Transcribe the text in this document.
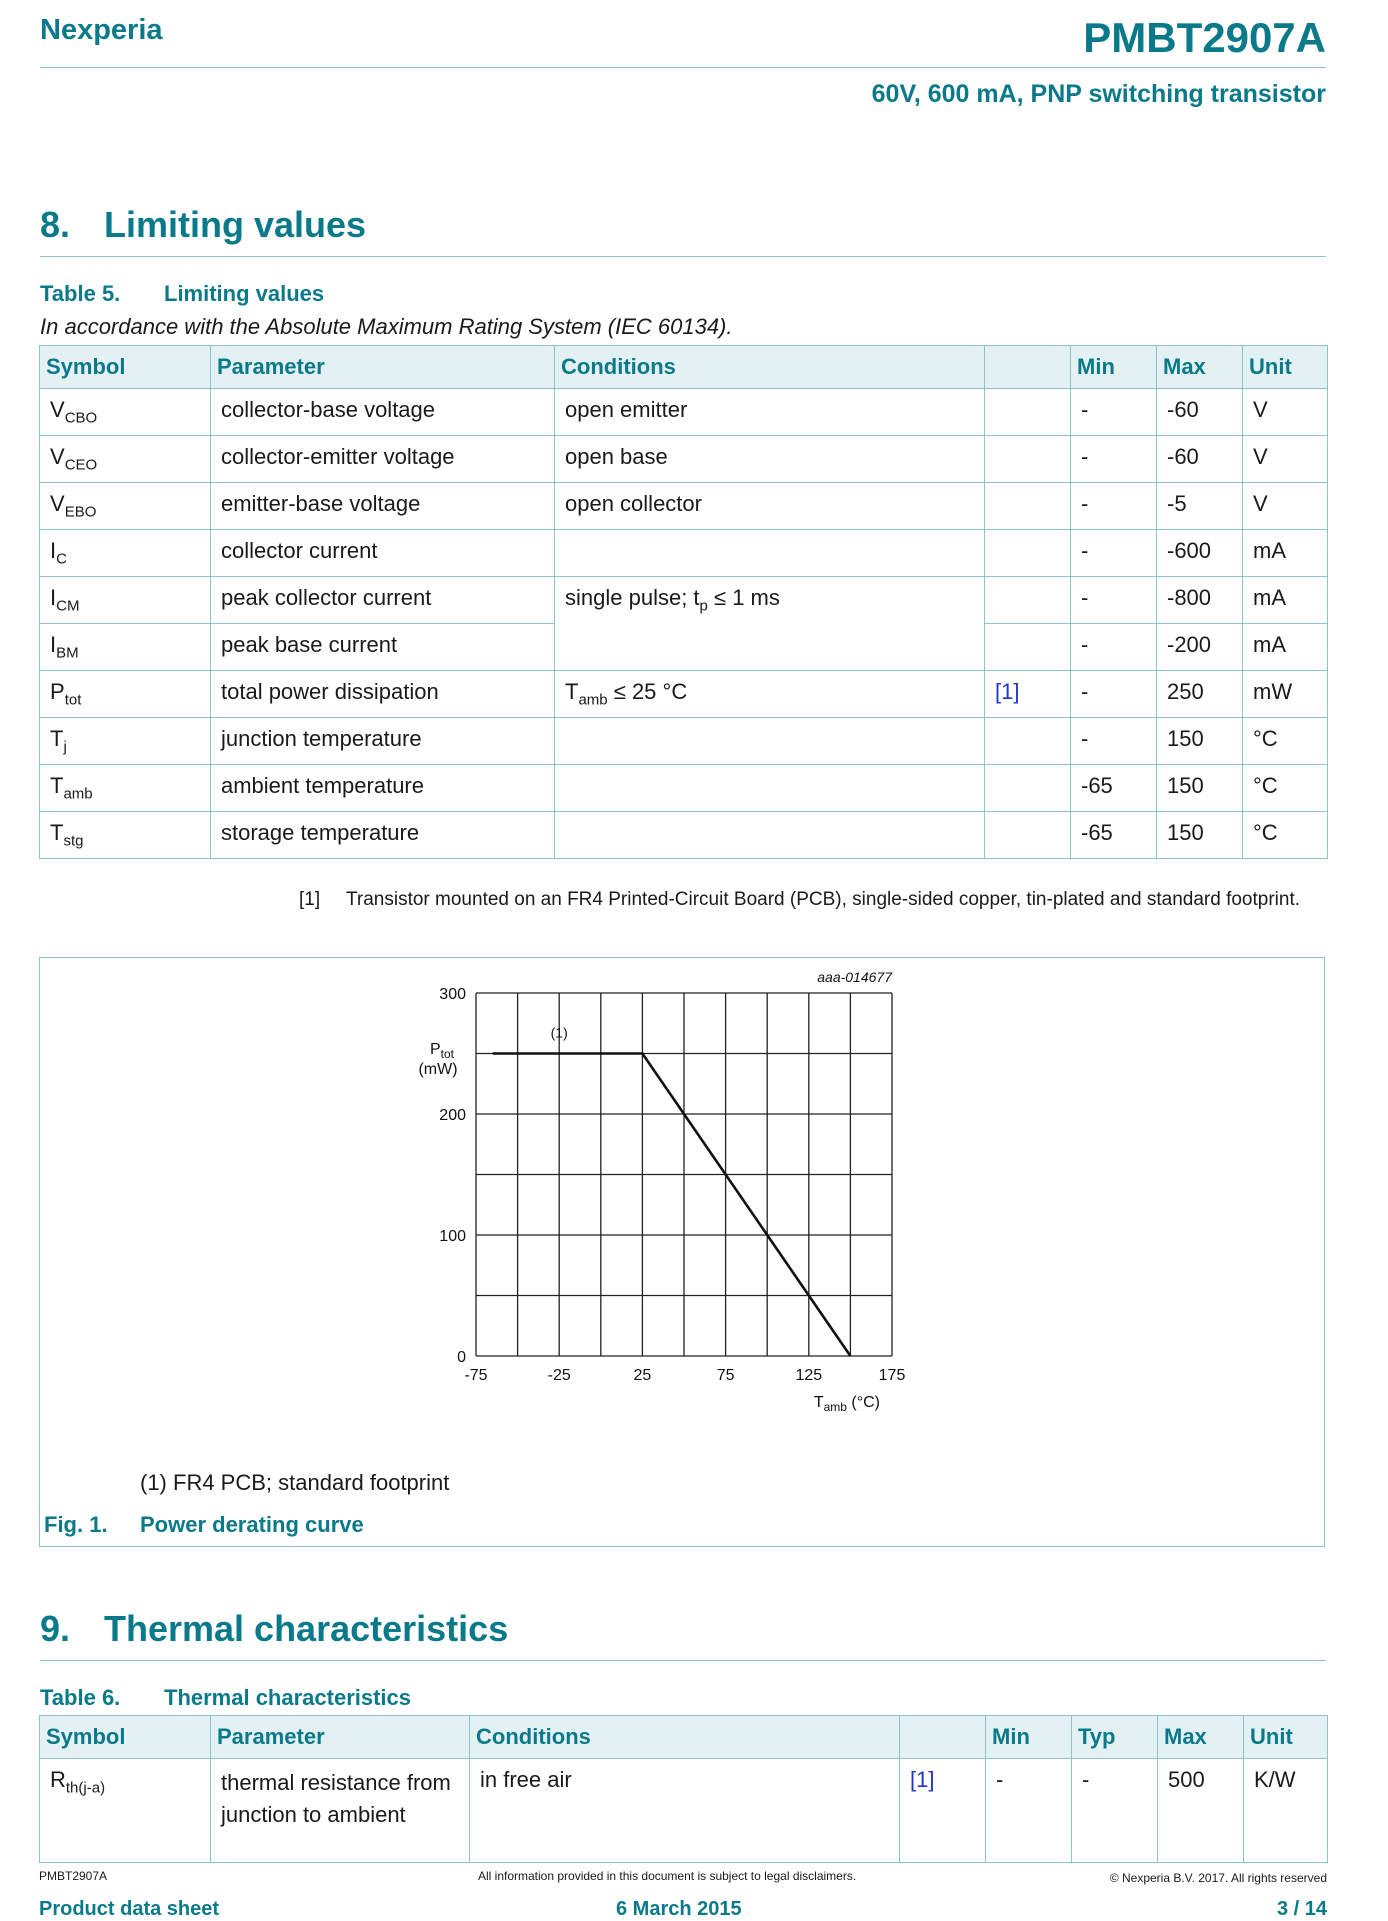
Nexperia	PMBT2907A
60V, 600 mA, PNP switching transistor
8. Limiting values
Table 5. Limiting values
In accordance with the Absolute Maximum Rating System (IEC 60134).
Symbol	Parameter	Conditions		Min	Max	Unit
$V_{CBO}$	collector-base voltage	open emitter		-	-60	V
$V_{CEO}$	collector-emitter voltage	open base		-	-60	V
$V_{EBO}$	emitter-base voltage	open collector		-	-5	V
$I_C$	collector current			-	-600	mA
$I_{CM}$	peak collector current	single pulse; $t_p \le 1$ ms		-	-800	mA
$I_{BM}$	peak base current			-	-200	mA
$P_{tot}$	total power dissipation	$T_{amb} \le 25$ °C	[1]	-	250	mW
$T_j$	junction temperature			-	150	°C
$T_{amb}$	ambient temperature			-65	150	°C
$T_{stg}$	storage temperature			-65	150	°C
[1] Transistor mounted on an FR4 Printed-Circuit Board (PCB), single-sided copper, tin-plated and standard footprint.
-75	-25	25	75	125	175
0
100
200
300
$P_{tot}$
(mW)
$T_{amb}$ (°C)
aaa-014677
(1)
(1) FR4 PCB; standard footprint
Fig. 1. Power derating curve
9. Thermal characteristics
Table 6. Thermal characteristics
Symbol	Parameter	Conditions		Min	Typ	Max	Unit
$R_{th(j-a)}$	thermal resistance from junction to ambient	in free air	[1]	-	-	500	K/W
PMBT2907A	All information provided in this document is subject to legal disclaimers.	© Nexperia B.V. 2017. All rights reserved
Product data sheet	6 March 2015	3 / 14
